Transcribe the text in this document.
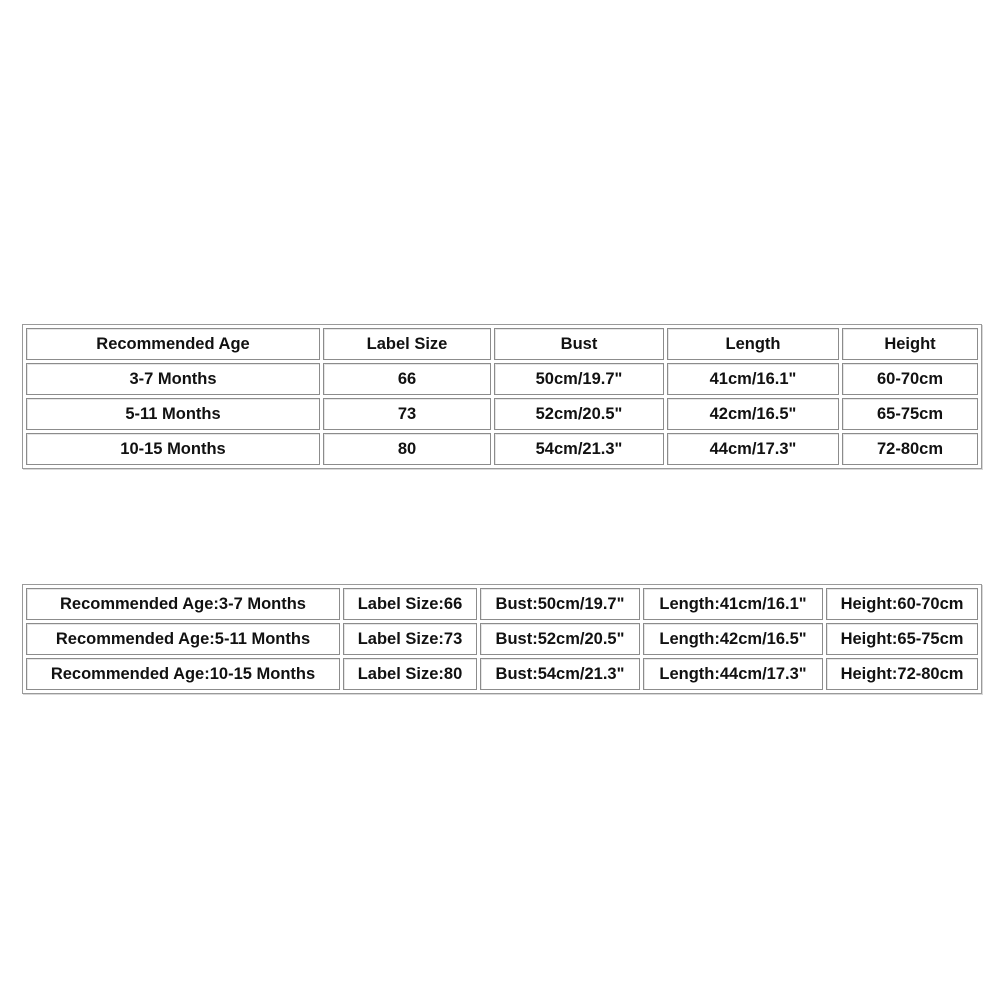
Recommended Age	Label Size	Bust	Length	Height
3-7 Months	66	50cm/19.7"	41cm/16.1"	60-70cm
5-11 Months	73	52cm/20.5"	42cm/16.5"	65-75cm
10-15 Months	80	54cm/21.3"	44cm/17.3"	72-80cm
Recommended Age:3-7 Months	Label Size:66	Bust:50cm/19.7"	Length:41cm/16.1"	Height:60-70cm
Recommended Age:5-11 Months	Label Size:73	Bust:52cm/20.5"	Length:42cm/16.5"	Height:65-75cm
Recommended Age:10-15 Months	Label Size:80	Bust:54cm/21.3"	Length:44cm/17.3"	Height:72-80cm
